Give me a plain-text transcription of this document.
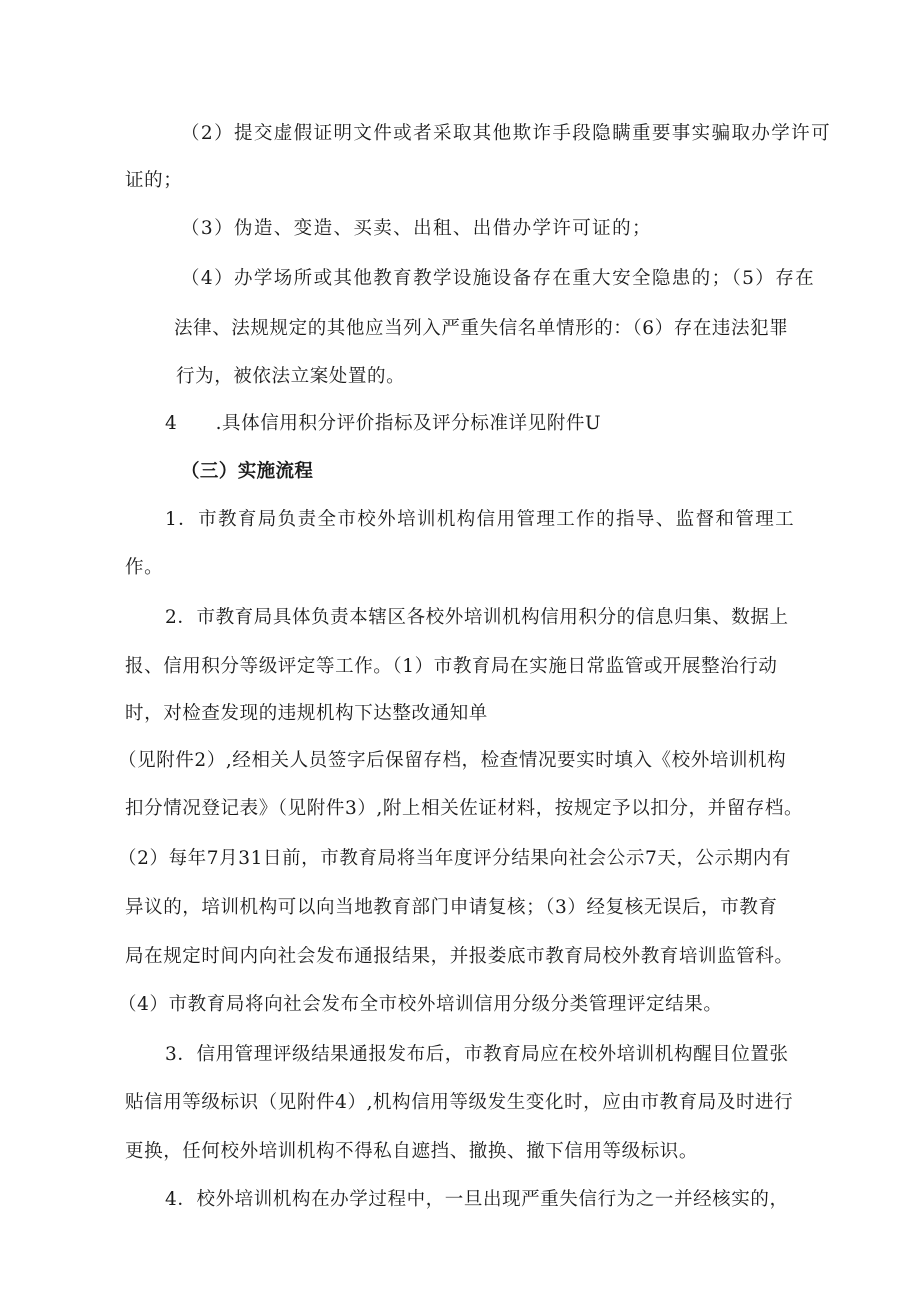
（2）提交虚假证明文件或者采取其他欺诈手段隐瞒重要事实骗取办学许可
证的；
（3）伪造、变造、买卖、出租、出借办学许可证的；
（4）办学场所或其他教育教学设施设备存在重大安全隐患的；（5）存在
法律、法规规定的其他应当列入严重失信名单情形的：（6）存在违法犯罪
行为，被依法立案处置的。
4　　.具体信用积分评价指标及评分标准详见附件U
（三）实施流程
1．市教育局负责全市校外培训机构信用管理工作的指导、监督和管理工
作。
2．市教育局具体负责本辖区各校外培训机构信用积分的信息归集、数据上
报、信用积分等级评定等工作。（1）市教育局在实施日常监管或开展整治行动
时，对检查发现的违规机构下达整改通知单
（见附件2）,经相关人员签字后保留存档，检查情况要实时填入《校外培训机构
扣分情况登记表》（见附件3）,附上相关佐证材料，按规定予以扣分，并留存档。
（2）每年7月31日前，市教育局将当年度评分结果向社会公示7天，公示期内有
异议的，培训机构可以向当地教育部门申请复核；（3）经复核无误后，市教育
局在规定时间内向社会发布通报结果，并报娄底市教育局校外教育培训监管科。
（4）市教育局将向社会发布全市校外培训信用分级分类管理评定结果。
3．信用管理评级结果通报发布后，市教育局应在校外培训机构醒目位置张
贴信用等级标识（见附件4）,机构信用等级发生变化时，应由市教育局及时进行
更换，任何校外培训机构不得私自遮挡、撤换、撤下信用等级标识。
4．校外培训机构在办学过程中，一旦出现严重失信行为之一并经核实的，
